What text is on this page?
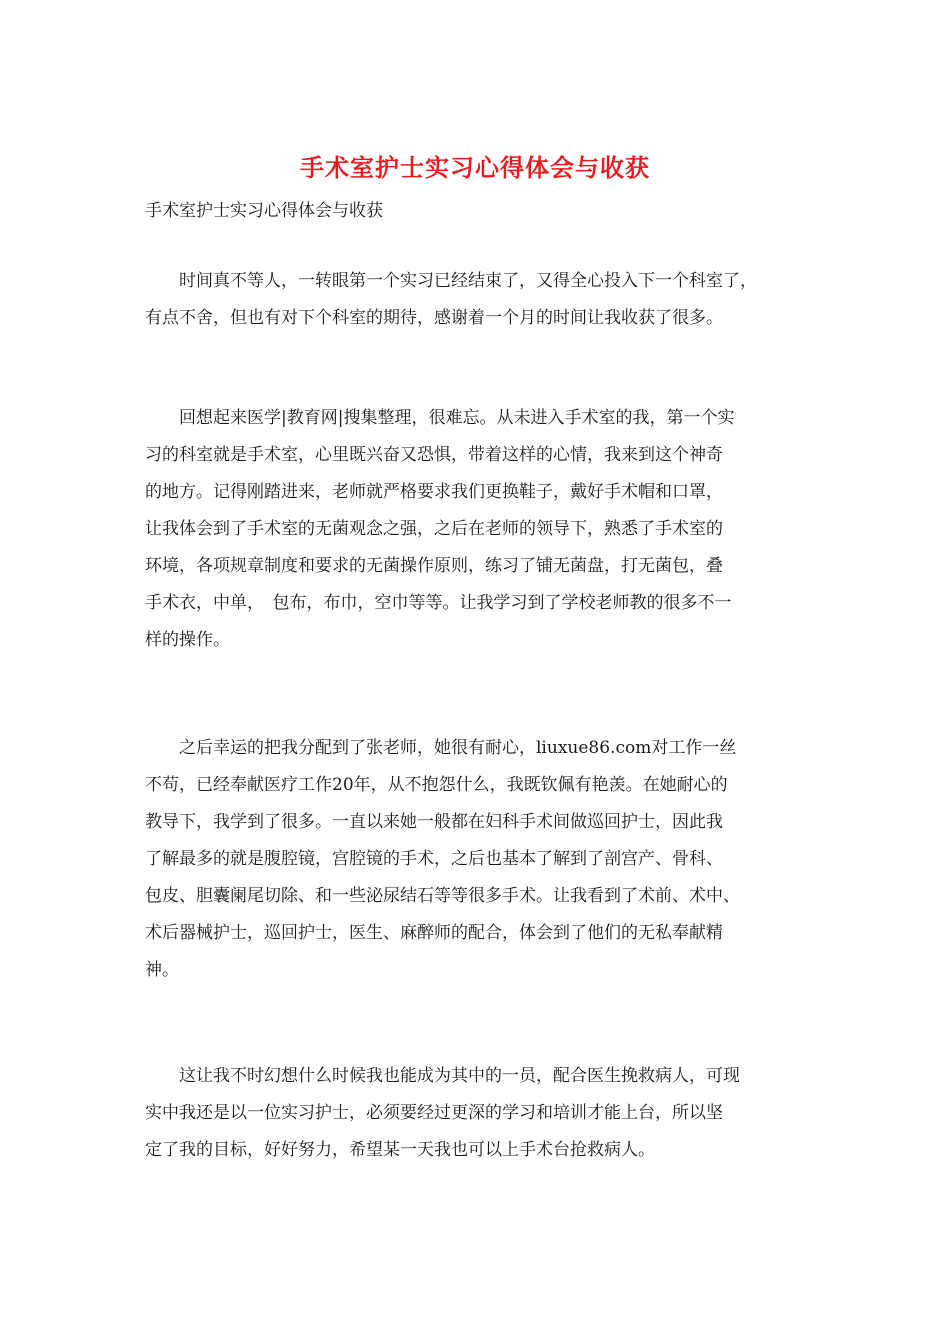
手术室护士实习心得体会与收获
手术室护士实习心得体会与收获
　　时间真不等人，一转眼第一个实习已经结束了，又得全心投入下一个科室了，
有点不舍，但也有对下个科室的期待，感谢着一个月的时间让我收获了很多。
　　回想起来医学|教育网|搜集整理，很难忘。从未进入手术室的我，第一个实
习的科室就是手术室，心里既兴奋又恐惧，带着这样的心情，我来到这个神奇
的地方。记得刚踏进来，老师就严格要求我们更换鞋子，戴好手术帽和口罩，
让我体会到了手术室的无菌观念之强，之后在老师的领导下，熟悉了手术室的
环境，各项规章制度和要求的无菌操作原则，练习了铺无菌盘，打无菌包，叠
手术衣，中单，　包布，布巾，空巾等等。让我学习到了学校老师教的很多不一
样的操作。
　　之后幸运的把我分配到了张老师，她很有耐心，liuxue86.com对工作一丝
不苟，已经奉献医疗工作20年，从不抱怨什么，我既钦佩有艳羡。在她耐心的
教导下，我学到了很多。一直以来她一般都在妇科手术间做巡回护士，因此我
了解最多的就是腹腔镜，宫腔镜的手术，之后也基本了解到了剖宫产、骨科、
包皮、胆囊阑尾切除、和一些泌尿结石等等很多手术。让我看到了术前、术中、
术后器械护士，巡回护士，医生、麻醉师的配合，体会到了他们的无私奉献精
神。
　　这让我不时幻想什么时候我也能成为其中的一员，配合医生挽救病人，可现
实中我还是以一位实习护士，必须要经过更深的学习和培训才能上台，所以坚
定了我的目标，好好努力，希望某一天我也可以上手术台抢救病人。
